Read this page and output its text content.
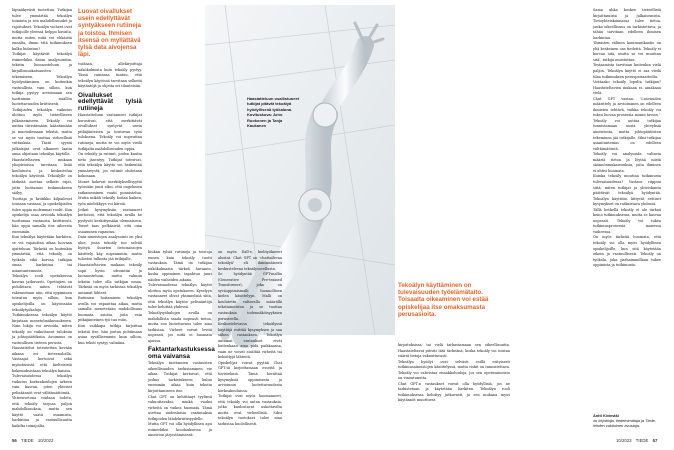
läpinäkyvästi tuotettua. Tutkijan tulee ymmärtää tekoälyn toiminta ja sen mahdollisuudet ja rajoitukset. Tekoälyn vieheet ovat tutkijoille yleensä helppo havaita, mutta miten niitä voi ehkäistä ennalta, ilman että tutkimuksen kulku hidastuu?

Tutkijat käyttävät tekoälyä esimerkiksi datan analysointiin, tekstin luonnosteluun ja kirjallisuuskatsausten tekemiseen. Tekoälyn hyödyntäminen on kuitenkin vastuullista vain silloin, kun tutkija pystyy arvioimaan sen tuottaman sisällön luotettavuuden kriittisesti.

Tutkijoiden tekoälyn vaikutus ulottuu myös tieteelliseen julkaisemiseen. Tekoäly voi auttaa tiivistämään, kääntämään ja muotoilemaan tekstiä, mutta se voi myös tuottaa virheellisiä viittauksia. Tästä syystä julkaisijat ovat alkaneet laatia omia ohjeitaan tekoälyn käytölle.

Haastateltavien mukaan yliopistoissa tarvitaan lisää koulutusta ja keskustelua tekoälyn käytöstä. Tekoälylle on tärkeää asettaa selkeät rajat, jotta luottamus tutkimukseen säilyy.

Tuottaja ja kriitikko kilpailevat toisiaan vastaan, ja opiskelijoiden tulee oppia molemmat roolit. Kun opiskelija osaa arvioida tekoälyn tuottamaa vastausta kriittisesti, hän oppii samalla itse aiheesta enemmän.

Kun tekoälyä käytetään harkiten, se voi vapauttaa aikaa luovaan ajatteluun. Tärkeää on kuitenkin ymmärtää, että tekoäly on työkalu eikä korvaa tutkijan omaa harkintaa tai asiantuntemusta.

Tekoälyn rooli opetuksessa kasvaa jatkuvasti. Opettajien on pohdittava, miten tehtävät rakennetaan niin, että oppiminen toteutuu myös silloin, kun opiskelijoilla on käytössään tekoälytyökaluja.

Tutkimuksessa tekoälyn käyttö kirjataan menetelmäkuvaukseen. Näin lukija voi arvioida, miten tekoäly on vaikuttanut tuloksiin ja johtopäätöksiin. Avoimuus on vastuullisen tieteen perusta.

Haastattelut toteutettiin kevään aikana eri tieteenaloilla. Vastaajat kertoivat sekä myönteisistä että kielteisistä kokemuksistaan tekoälyn kanssa.

Tulevaisuudessa tekoälyn vaikutus korkeakoulujen arkeen vain kasvaa, joten yhteiset pelisäännöt ovat välttämättömiä.

Yhteenvetona voidaan todeta, että tekoäly tarjoaa paljon mahdollisuuksia, mutta sen käyttö vaatii osaamista, harkintaa ja vastuullisuutta kaikilta toimijoilta.

Luovat oivallukset usein edellyttävät syntyäkseen rutiineja ja toistoa. Ihmisen itsensä on myllättävä tylsä data aivojensa läpi.

voidaan, allekirjoittaja näkökulmista kuin tekoäly pystyy. Tässä rumasaa tuntuu, että tekoälyn käytössä tarvitaan selkeitä käytäntöjä ja ohjeita eri tilanteisiin.

Oivallukset edellyttävät tylsiä rutiineja

Haastatteluun vastanneet tutkijat korostivat, että merkittävät oivallukset syntyvät usein pitkäjänteisen ja toistuvan työn tuloksena. Tekoäly voi nopeuttaa rutiineja, mutta se voi myös viedä tutkijalta mahdollisuuden oppia.

On tekoäly ja rutiinit, joiden kautta tieto jäsentyy. Tutkijat totesivat, että tekoälyn käyttö voi heikentää ymmärrystä, jos rutiinit ohitetaan kokonaan.

Monet kokevat merkityksellisyyttä työssään juuri siksi, että ongelmien ratkaiseminen vaatii ponnistelua. Mutta mikäli tekoäly hoitaa kaiken, työn mielekkyys voi kärsiä.

Jotkut kysymyksiin vastanneet kertoivat, että tekoälyn avulla he pystyvät keskittymään olennaiseen. Toiset taas pelkäsivät, että oma osaaminen rapautuu.

Data-aineistojen analysointi on yksi alue, jossa tekoäly tuo selvää hyötyä. Suurten tietomassojen käsittely käy nopeammin, mutta tulosten tulkinta jää tutkijalle.

Haastateltavien mukaan tekoäly sopii hyvin ideointiin ja luonnosteluun, mutta valmiin tekstin tulee olla tutkijan omaa. Tärkeää on myös tarkistaa tekoälyn antamat lähteet.

Rutiinien hoitaminen tekoälyn avulla voi vapauttaa aikaa, mutta samalla menetetään mahdollisuus huomata asioita, joita vain pitkäjänteinen työ tuo esiin.

Kun vaikkapa tutkija kirjoittaa tekstiä itse, hän joutuu pohtimaan asiaa syvällisemmin kuin silloin, kun teksti syntyy valmiina.

Haastatteluun osallistuneet tutkijat pitävät tekoälyä hyödyllisenä työkaluna. Kuvituskuva: Arno Ruokonen ja Tanja Kaukanen

hiukan tylsiä rutiineja ja toistoja ennen kuin tekoäly tuotti vastauksia. Tämä on tutkijan näkökulmasta tärkeä havainto, koska oppiminen tapahtuu juuri näiden vaiheiden aikana.

Tulevaisuudessa tekoälyn käyttö ulottuu myös opetukseen. Kyselyyn vastanneet olivat yksimielisiä siitä, että tekoälyn käytön pelisääntöjä tulee kehittää yhdessä.

Tekoälytyökalujen avulla on mahdollista saada nopeasti tietoa, mutta sen luotettavuus tulee aina tarkistaa. Virheet voivat levitä nopeasti, jos niitä ei huomata ajoissa.

Faktantarkastuksessa oma vaivansa

Tekoälyn tuottamien vastausten oikeellisuuden tarkistaminen vie aikaa. Tutkijat kertoivat, että joskus tarkistukseen kuluu enemmän aikaa kuin tekstin kirjoittamiseen itse.

Chat GPT on kehittänyt tyylinsä vakuuttavaksi, minkä vuoksi virheitä on vaikea huomata. Tämä asettaa uudenlaisia vaatimuksia tutkijoiden lähdekriittisyydelle.

Mutta GPT voi olla hyödyllinen apu esimerkiksi koodauksessa ja aineiston järjestämisessä.

on myös Dall-e, kielityökaveri alustat. Chat GPT on 'chattailevaa tekoälyä' eli ihmismäisesti keskustelevaa tekoälysovellusta.

Se hyödyntää GPT-mallia (Generative Pre-trained Transformer), joka on syväoppimismalli luonnollisen kielen käsittelyyn. Malli on koulutettu valtavalla määrällä tekstiaineistoa ja se tuottaa vastauksia todennäköisyyksien perusteella.

Keskustelevassa tekoälyssä käyttäjä esittää kysymyksen ja saa siihen vastauksen. Tekoälyn antamat vastaukset eivät kuitenkaan aina pidä paikkaansa, vaan ne voivat sisältää virheitä tai keksittyjä lähteitä.

Opiskelijat voivat pyytää Chat GPT:tä kirjoittamaan esseitä ja tiivistelmiä. Tämä herättää kysymyksiä oppimisesta ja arvioinnin luotettavuudesta korkeakouluissa.

Tutkijat ovat myös huomanneet, että tekoäly voi antaa vastauksia, jotka kuulostavat uskottavilta mutta ovat virheellisiä. Siksi tekoälyn tuotokset tulee aina tarkistaa huolellisesti.

Tekoälyn käyttäminen on tulevaisuuden työelämätaito. Toisaalta oikeaminen voi estää opiskelijaa itse omaksumasta perusasioita.

kirjoituksissa' tai vielä tarkastamaan sen oikeellisuutta. Haastateltavat pitivät tätä tärkeänä, koska tekoäly voi toistaa vääriä tietoja vakuuttavasti.

Tekoälyn hyödyt ovat selvästi esillä erityisesti tutkimusaineistojen käsittelyssä, mutta riskit on tunnistettava. Tekoäly voi vahvistaa ennakkoluuloja, jos sen opetusaineisto on vinoutunutta.

Chat GPT:n vastaukset voivat olla hyödyllisiä, jos ne tarkistetaan ja käytetään harkiten. Tekoälyn rooli tutkimuksessa kehittyy jatkuvasti, ja sen mukana myös käytännöt muuttuvat.

Sama uhka koskee tieteellistä kirjoittamista ja julkaisemista. Tietoyhteiskunnassa tulee tietoa, jonka oikeellisuus on tarkistettava, ja tähän tarvitaan edelleen ihmisen harkintaa.

'Ihmisten välinen kommunikaatio on yhä keskeinen osa tiedettä. Tekoäly ei korvaa sitä, mutta se voi muuttaa sitä', tutkija muistuttaa.

Testaamista tarvitaan kuitenkin vielä paljon. Tekoälyn käyttö ei saa viedä tilaa tutkimuksen perusperiaatteilta.

Voittaako tekoäly lopulta tutkijan? Haastateltavien mukaan ei, ainakaan vielä.

Chat GPT vastaa: 'Luovuuden määrittely ja arvioiminen on edelleen ihmisten tehtävä, vaikka tekoäly voi tukea luovaa prosessia monin tavoin.'

Tekoäly voi auttaa tutkijaa tunnistamaan uusia yhteyksiä aineistosta, mutta johtopäätösten tekeminen jää tutkijalle. Siksi tutkijan asiantuntemus on edelleen välttämätöntä.

Tekoäly voi analysoida valtavia määriä tietoa ja löytää niistä säännönmukaisuuksia, joita ihminen ei ehtisi huomata.

Kuinka tekoäly muuttaa tutkimusta tulevaisuudessa? Vastaus riippuu siitä, miten tutkijat ja yhteiskunta päättävät tekoälyä hyödyntää. Tekoälyn käyttöön liittyvät eettiset kysymykset on ratkaistava yhdessä.

Tällä hetkellä tekoäly ei ole tärkeä keino tutkimuksessa, mutta se kasvaa nopeasti. Tekoäly voi tukea tutkimusprosessia monessa vaiheessa.

On myös tärkeää huomata, että tekoäly voi olla myös hyödyllinen opiskelijoille, kun sitä käytetään oikein ja vastuullisesti. Tekoäly on työkalu, joka parhaimmillaan tukee oppimista ja tutkimusta.

Antti Kivimäki
on kirjoittaja, tiedetoimittaja ja Tiede-lehden vakituinen avustaja.
56 TIEDE 10/2023	10/2023 TIEDE 57
